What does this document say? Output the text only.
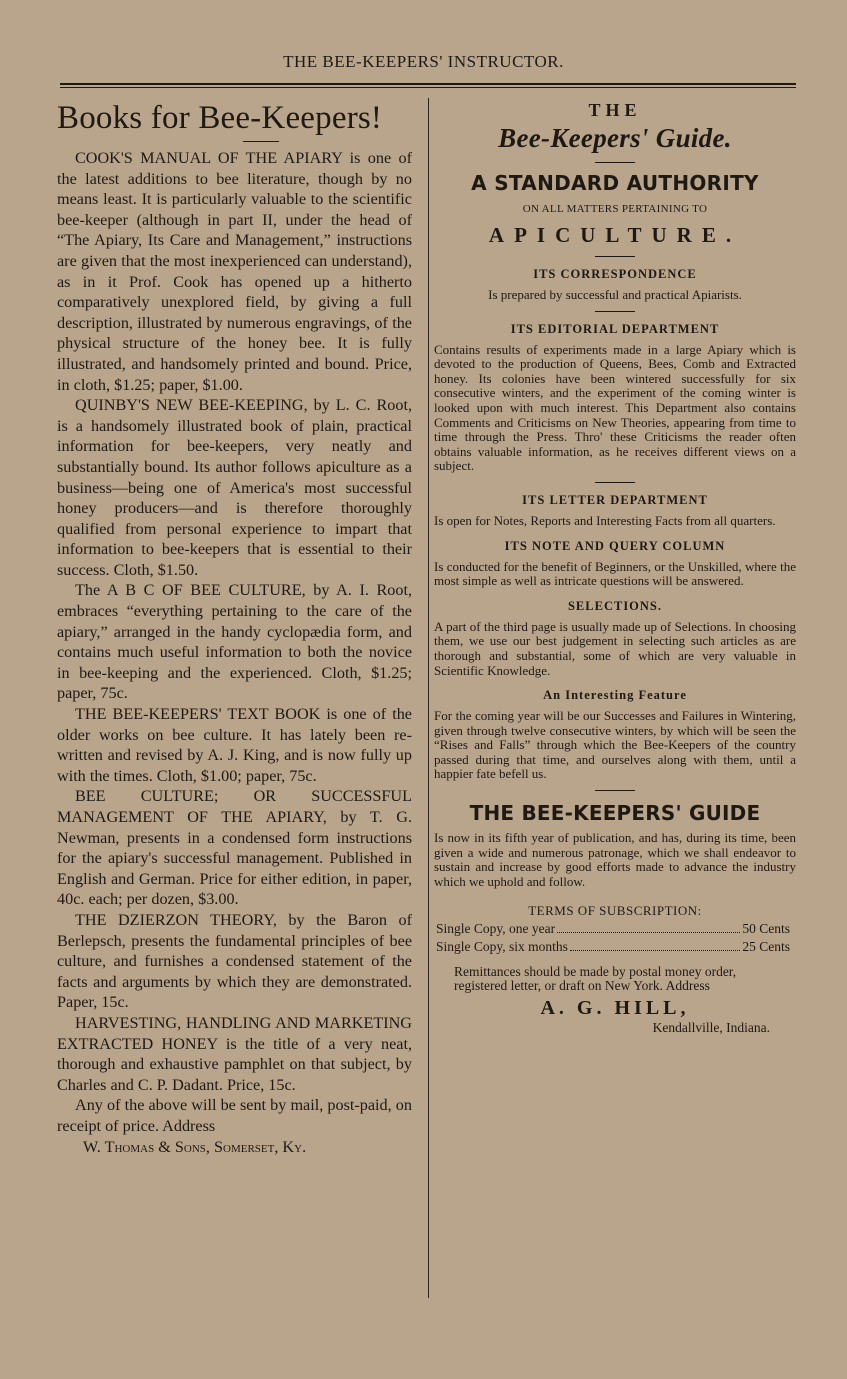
THE BEE-KEEPERS' INSTRUCTOR.
Books for Bee-Keepers!

COOK'S MANUAL OF THE APIARY is one of the latest additions to bee literature, though by no means least. It is particularly valuable to the scientific bee-keeper (although in part II, under the head of “The Apiary, Its Care and Management,” instructions are given that the most inexperienced can understand), as in it Prof. Cook has opened up a hitherto comparatively unexplored field, by giving a full description, illustrated by numerous engravings, of the physical structure of the honey bee. It is fully illustrated, and handsomely printed and bound. Price, in cloth, $1.25; paper, $1.00.

QUINBY'S NEW BEE-KEEPING, by L. C. Root, is a handsomely illustrated book of plain, practical information for bee-keepers, very neatly and substantially bound. Its author follows apiculture as a business—being one of America's most successful honey producers—and is therefore thoroughly qualified from personal experience to impart that information to bee-keepers that is essential to their success. Cloth, $1.50.

The A B C OF BEE CULTURE, by A. I. Root, embraces “everything pertaining to the care of the apiary,” arranged in the handy cyclopædia form, and contains much useful information to both the novice in bee-keeping and the experienced. Cloth, $1.25; paper, 75c.

THE BEE-KEEPERS' TEXT BOOK is one of the older works on bee culture. It has lately been re-written and revised by A. J. King, and is now fully up with the times. Cloth, $1.00; paper, 75c.

BEE CULTURE; OR SUCCESSFUL MANAGEMENT OF THE APIARY, by T. G. Newman, presents in a condensed form instructions for the apiary's successful management. Published in English and German. Price for either edition, in paper, 40c. each; per dozen, $3.00.

THE DZIERZON THEORY, by the Baron of Berlepsch, presents the fundamental principles of bee culture, and furnishes a condensed statement of the facts and arguments by which they are demonstrated. Paper, 15c.

HARVESTING, HANDLING AND MARKETING EXTRACTED HONEY is the title of a very neat, thorough and exhaustive pamphlet on that subject, by Charles and C. P. Dadant. Price, 15c.

Any of the above will be sent by mail, post-paid, on receipt of price. Address

W. Thomas & Sons, Somerset, Ky.

THE
Bee-Keepers' Guide.
A STANDARD AUTHORITY
ON ALL MATTERS PERTAINING TO
APICULTURE.
ITS CORRESPONDENCE
Is prepared by successful and practical Apiarists.
ITS EDITORIAL DEPARTMENT
Contains results of experiments made in a large Apiary which is devoted to the production of Queens, Bees, Comb and Extracted honey. Its colonies have been wintered successfully for six consecutive winters, and the experiment of the coming winter is looked upon with much interest. This Department also contains Comments and Criticisms on New Theories, appearing from time to time through the Press. Thro' these Criticisms the reader often obtains valuable information, as he receives different views on a subject.
ITS LETTER DEPARTMENT
Is open for Notes, Reports and Interesting Facts from all quarters.
ITS NOTE AND QUERY COLUMN
Is conducted for the benefit of Beginners, or the Unskilled, where the most simple as well as intricate questions will be answered.
SELECTIONS.
A part of the third page is usually made up of Selections. In choosing them, we use our best judgement in selecting such articles as are thorough and substantial, some of which are very valuable in Scientific Knowledge.
An Interesting Feature
For the coming year will be our Successes and Failures in Wintering, given through twelve consecutive winters, by which will be seen the “Rises and Falls” through which the Bee-Keepers of the country passed during that time, and ourselves along with them, until a happier fate befell us.
THE BEE-KEEPERS' GUIDE
Is now in its fifth year of publication, and has, during its time, been given a wide and numerous patronage, which we shall endeavor to sustain and increase by good efforts made to advance the industry which we uphold and follow.
TERMS OF SUBSCRIPTION:
Single Copy, one year	50 Cents
Single Copy, six months	25 Cents
Remittances should be made by postal money order, registered letter, or draft on New York. Address
A. G. HILL,
Kendallville, Indiana.
